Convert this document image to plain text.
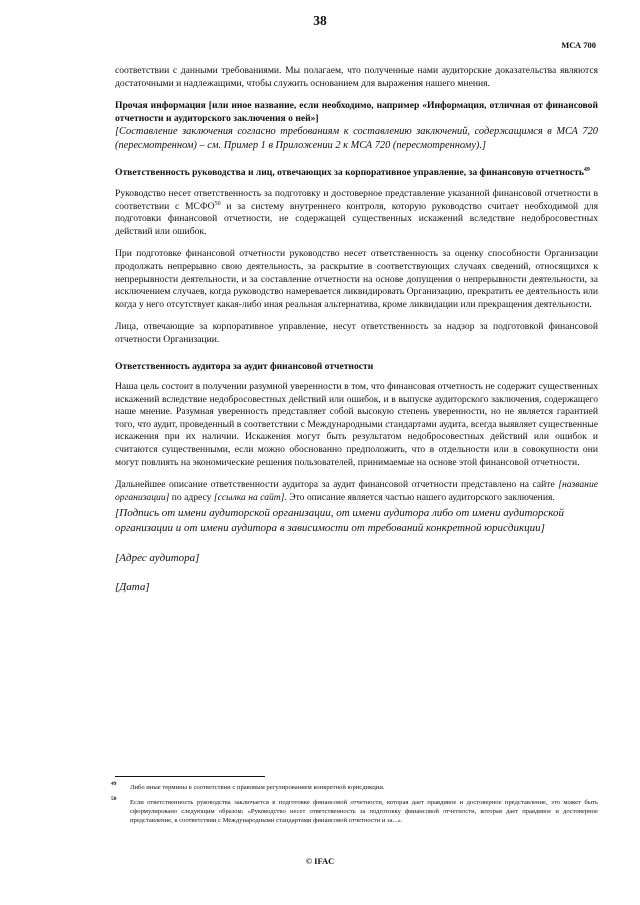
38
МСА 700

соответствии с данными требованиями. Мы полагаем, что полученные нами аудиторские доказательства являются достаточными и надлежащими, чтобы служить основанием для выражения нашего мнения.

Прочая информация [или иное название, если необходимо, например «Информация, отличная от финансовой отчетности и аудиторского заключения о ней»]

[Составление заключения согласно требованиям к составлению заключений, содержащимся в МСА 720 (пересмотренном) – см. Пример 1 в Приложении 2 к МСА 720 (пересмотренному).]

Ответственность руководства и лиц, отвечающих за корпоративное управление, за финансовую отчетность$^{49}$

Руководство несет ответственность за подготовку и достоверное представление указанной финансовой отчетности в соответствии с МСФО$^{50}$ и за систему внутреннего контроля, которую руководство считает необходимой для подготовки финансовой отчетности, не содержащей существенных искажений вследствие недобросовестных действий или ошибок.

При подготовке финансовой отчетности руководство несет ответственность за оценку способности Организации продолжать непрерывно свою деятельность, за раскрытие в соответствующих случаях сведений, относящихся к непрерывности деятельности, и за составление отчетности на основе допущения о непрерывности деятельности, за исключением случаев, когда руководство намеревается ликвидировать Организацию, прекратить ее деятельность или когда у него отсутствует какая-либо иная реальная альтернатива, кроме ликвидации или прекращения деятельности.

Лица, отвечающие за корпоративное управление, несут ответственность за надзор за подготовкой финансовой отчетности Организации.

Ответственность аудитора за аудит финансовой отчетности

Наша цель состоит в получении разумной уверенности в том, что финансовая отчетность не содержит существенных искажений вследствие недобросовестных действий или ошибок, и в выпуске аудиторского заключения, содержащего наше мнение. Разумная уверенность представляет собой высокую степень уверенности, но не является гарантией того, что аудит, проведенный в соответствии с Международными стандартами аудита, всегда выявляет существенные искажения при их наличии. Искажения могут быть результатом недобросовестных действий или ошибок и считаются существенными, если можно обоснованно предположить, что в отдельности или в совокупности они могут повлиять на экономические решения пользователей, принимаемые на основе этой финансовой отчетности.

Дальнейшее описание ответственности аудитора за аудит финансовой отчетности представлено на сайте [название организации] по адресу [ссылка на сайт]. Это описание является частью нашего аудиторского заключения.

[Подпись от имени аудиторской организации, от имени аудитора либо от имени аудиторской организации и от имени аудитора в зависимости от требований конкретной юрисдикции]
[Адрес аудитора]
[Дата]
49 Либо иные термины в соответствии с правовым регулированием конкретной юрисдикции.
50 Если ответственность руководства заключается в подготовке финансовой отчетности, которая дает правдивое и достоверное представление, это может быть сформулировано следующим образом: «Руководство несет ответственность за подготовку финансовой отчетности, которая дает правдивое и достоверное представление, в соответствии с Международными стандартами финансовой отчетности и за...».
© IFAC
